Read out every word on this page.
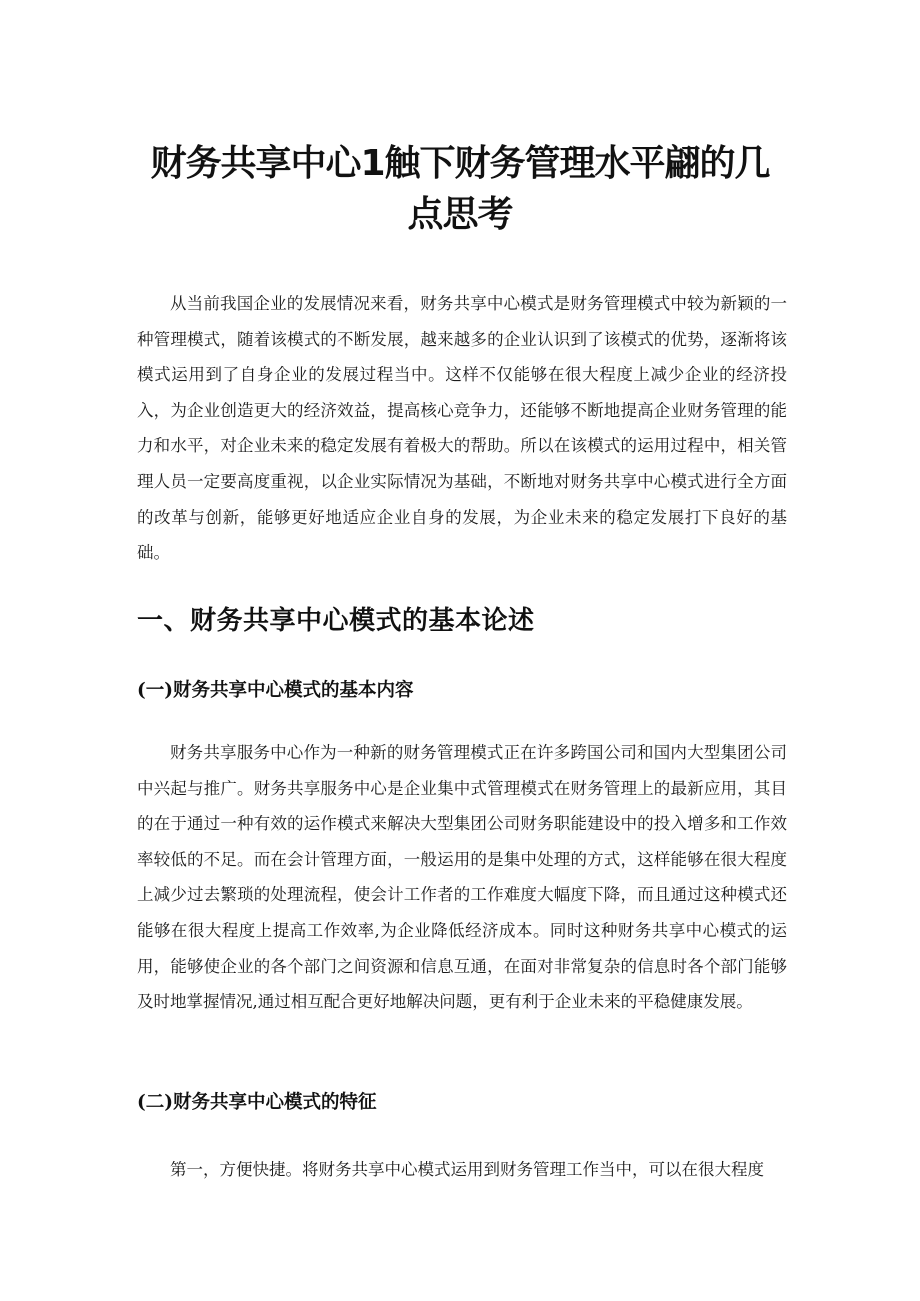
财务共享中心1触下财务管理水平翩的几
点思考

从当前我国企业的发展情况来看，财务共享中心模式是财务管理模式中较为新颖的一种管理模式，随着该模式的不断发展，越来越多的企业认识到了该模式的优势，逐渐将该模式运用到了自身企业的发展过程当中。这样不仅能够在很大程度上减少企业的经济投入，为企业创造更大的经济效益，提高核心竞争力，还能够不断地提高企业财务管理的能力和水平，对企业未来的稳定发展有着极大的帮助。所以在该模式的运用过程中，相关管理人员一定要高度重视，以企业实际情况为基础，不断地对财务共享中心模式进行全方面的改革与创新，能够更好地适应企业自身的发展，为企业未来的稳定发展打下良好的基础。

一、财务共享中心模式的基本论述
(一)财务共享中心模式的基本内容

财务共享服务中心作为一种新的财务管理模式正在许多跨国公司和国内大型集团公司中兴起与推广。财务共享服务中心是企业集中式管理模式在财务管理上的最新应用，其目的在于通过一种有效的运作模式来解决大型集团公司财务职能建设中的投入增多和工作效率较低的不足。而在会计管理方面，一般运用的是集中处理的方式，这样能够在很大程度上减少过去繁琐的处理流程，使会计工作者的工作难度大幅度下降，而且通过这种模式还能够在很大程度上提高工作效率,为企业降低经济成本。同时这种财务共享中心模式的运用，能够使企业的各个部门之间资源和信息互通，在面对非常复杂的信息时各个部门能够及时地掌握情况,通过相互配合更好地解决问题，更有利于企业未来的平稳健康发展。

(二)财务共享中心模式的特征

第一，方便快捷。将财务共享中心模式运用到财务管理工作当中，可以在很大程度
